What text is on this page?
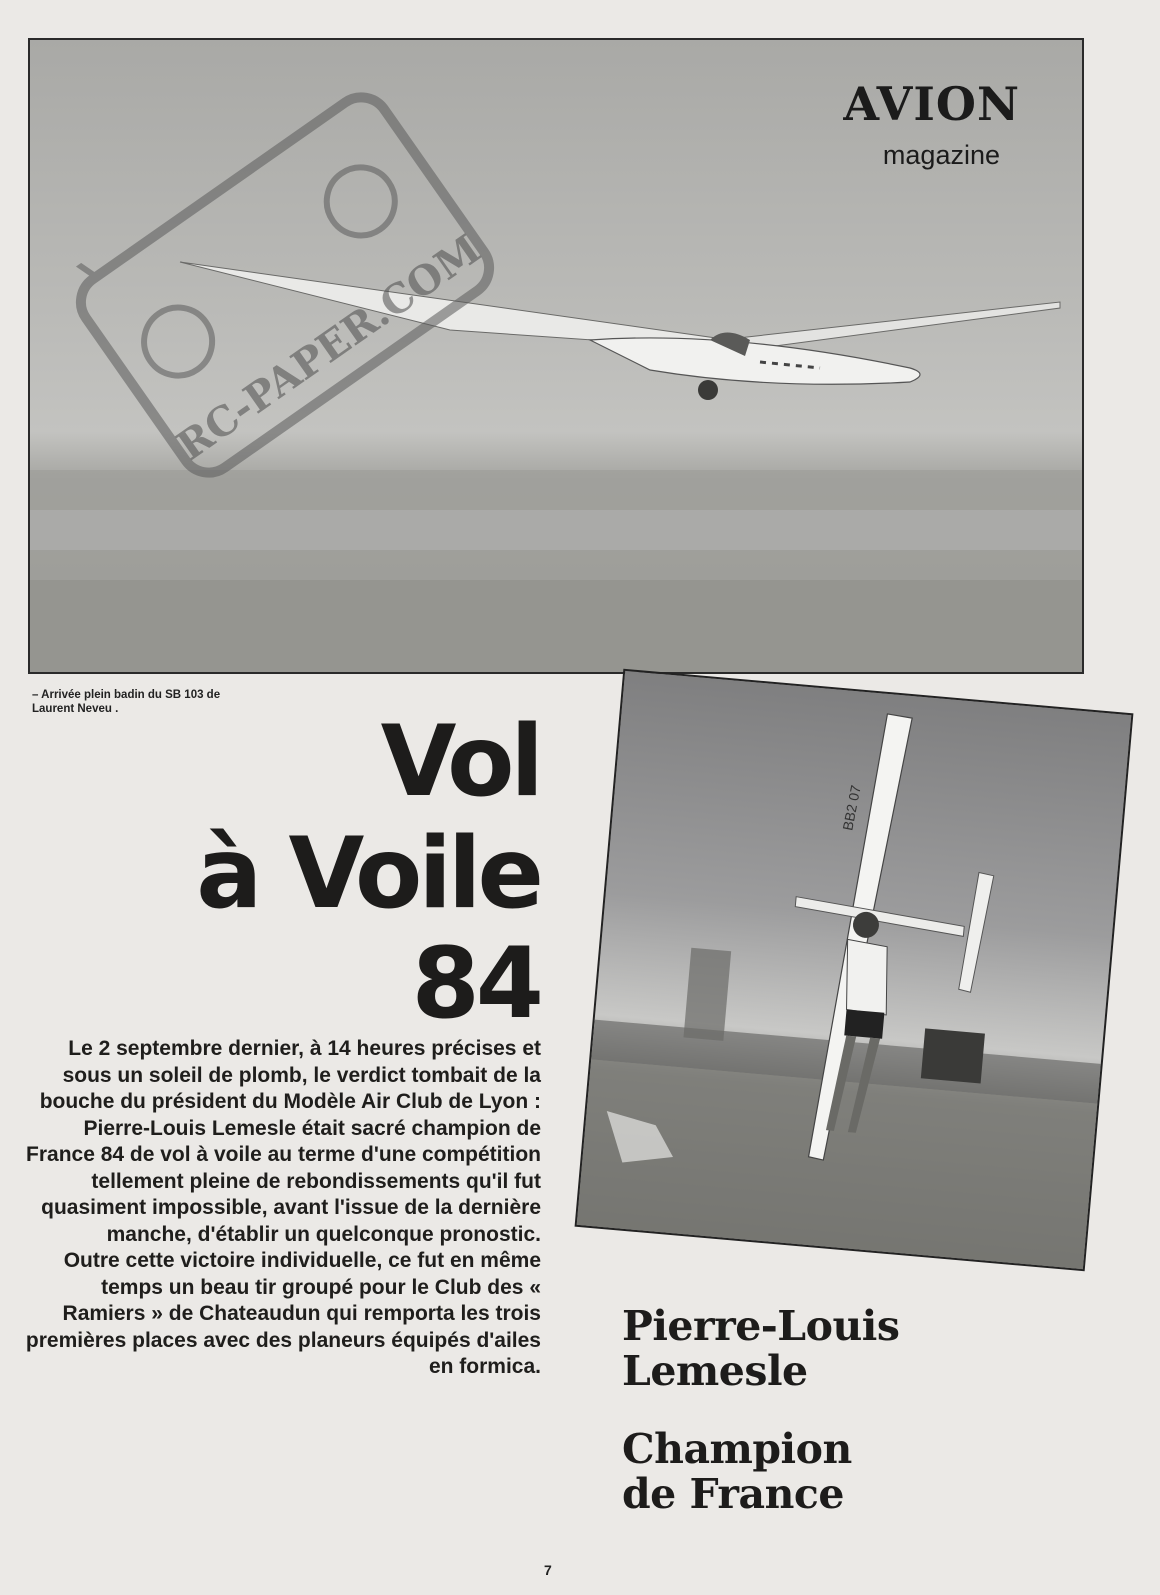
RC-PAPER.COM
AVION
magazine
– Arrivée plein badin du SB 103 de Laurent Neveu .	Vol
à Voile
84

Le 2 septembre dernier, à 14 heures précises et sous un soleil de plomb, le verdict tombait de la bouche du président du Modèle Air Club de Lyon : Pierre-Louis Lemesle était sacré champion de France 84 de vol à voile au terme d'une compétition tellement pleine de rebondissements qu'il fut quasiment impossible, avant l'issue de la dernière manche, d'établir un quelconque pronostic.

Outre cette victoire individuelle, ce fut en même temps un beau tir groupé pour le Club des « Ramiers » de Chateaudun qui remporta les trois premières places avec des planeurs équipés d'ailes en formica.

BB2 07
Pierre-Louis
Lemesle
Champion
de France
7
